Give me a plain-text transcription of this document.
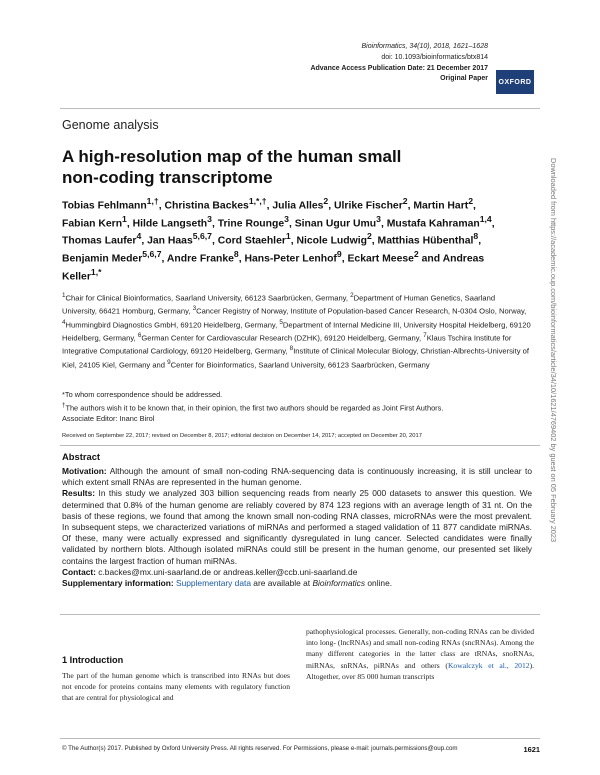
Bioinformatics, 34(10), 2018, 1621–1628
doi: 10.1093/bioinformatics/btx814
Advance Access Publication Date: 21 December 2017
Original Paper	OXFORD
Genome analysis
A high-resolution map of the human small non-coding transcriptome
Tobias Fehlmann$^{1,\dagger}$, Christina Backes$^{1,*,\dagger}$, Julia Alles$^2$, Ulrike Fischer$^2$, Martin Hart$^2$, Fabian Kern$^1$, Hilde Langseth$^3$, Trine Rounge$^3$, Sinan Ugur Umu$^3$, Mustafa Kahraman$^{1,4}$, Thomas Laufer$^4$, Jan Haas$^{5,6,7}$, Cord Staehler$^1$, Nicole Ludwig$^2$, Matthias Hübenthal$^8$, Benjamin Meder$^{5,6,7}$, Andre Franke$^8$, Hans-Peter Lenhof$^9$, Eckart Meese$^2$ and Andreas Keller$^{1,*}$
$^1$Chair for Clinical Bioinformatics, Saarland University, 66123 Saarbrücken, Germany, $^2$Department of Human Genetics, Saarland University, 66421 Homburg, Germany, $^3$Cancer Registry of Norway, Institute of Population-based Cancer Research, N-0304 Oslo, Norway, $^4$Hummingbird Diagnostics GmbH, 69120 Heidelberg, Germany, $^5$Department of Internal Medicine III, University Hospital Heidelberg, 69120 Heidelberg, Germany, $^6$German Center for Cardiovascular Research (DZHK), 69120 Heidelberg, Germany, $^7$Klaus Tschira Institute for Integrative Computational Cardiology, 69120 Heidelberg, Germany, $^8$Institute of Clinical Molecular Biology, Christian-Albrechts-University of Kiel, 24105 Kiel, Germany and $^9$Center for Bioinformatics, Saarland University, 66123 Saarbrücken, Germany
*To whom correspondence should be addressed.
†The authors wish it to be known that, in their opinion, the first two authors should be regarded as Joint First Authors.
Associate Editor: Inanc Birol
Received on September 22, 2017; revised on December 8, 2017; editorial decision on December 14, 2017; accepted on December 20, 2017
Abstract
Motivation: Although the amount of small non-coding RNA-sequencing data is continuously increasing, it is still unclear to which extent small RNAs are represented in the human genome.
Results: In this study we analyzed 303 billion sequencing reads from nearly 25 000 datasets to answer this question. We determined that 0.8% of the human genome are reliably covered by 874 123 regions with an average length of 31 nt. On the basis of these regions, we found that among the known small non-coding RNA classes, microRNAs were the most prevalent. In subsequent steps, we characterized variations of miRNAs and performed a staged validation of 11 877 candidate miRNAs. Of these, many were actually expressed and significantly dysregulated in lung cancer. Selected candidates were finally validated by northern blots. Although isolated miRNAs could still be present in the human genome, our presented set likely contains the largest fraction of human miRNAs.
Contact: c.backes@mx.uni-saarland.de or andreas.keller@ccb.uni-saarland.de
Supplementary information: Supplementary data are available at Bioinformatics online.
1 Introduction
The part of the human genome which is transcribed into RNAs but does not encode for proteins contains many elements with regulatory function that are central for physiological and
pathophysiological processes. Generally, non-coding RNAs can be divided into long- (lncRNAs) and small non-coding RNAs (sncRNAs). Among the many different categories in the latter class are tRNAs, snoRNAs, miRNAs, snRNAs, piRNAs and others (Kowalczyk et al., 2012). Altogether, over 85 000 human transcripts
© The Author(s) 2017. Published by Oxford University Press. All rights reserved. For Permissions, please e-mail: journals.permissions@oup.com	1621
Downloaded from https://academic.oup.com/bioinformatics/article/34/10/1621/4769402 by guest on 05 February 2023
